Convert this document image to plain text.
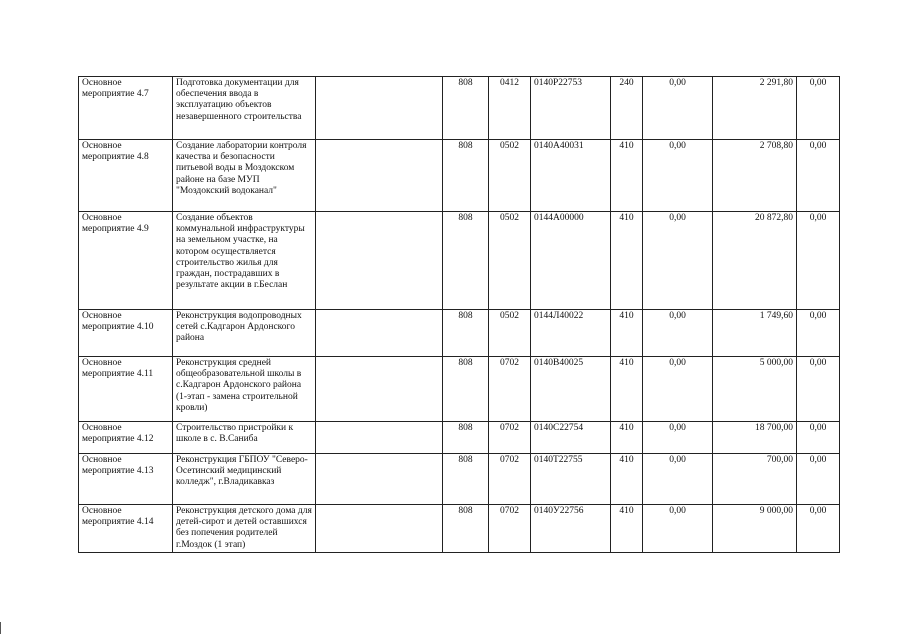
Основное мероприятие 4.7	Подготовка документации для обеспечения ввода в эксплуатацию объектов незавершенного строительства		808	0412	0140Р22753	240	0,00	2 291,80	0,00
Основное мероприятие 4.8	Создание лаборатории контроля качества и безопасности питьевой воды в Моздокском районе на базе МУП "Моздокский водоканал"		808	0502	0140А40031	410	0,00	2 708,80	0,00
Основное мероприятие 4.9	Создание объектов коммунальной инфраструктуры на земельном участке, на котором осуществляется строительство жилья для граждан, пострадавших в результате акции в г.Беслан		808	0502	0144А00000	410	0,00	20 872,80	0,00
Основное мероприятие 4.10	Реконструкция водопроводных сетей с.Кадгарон Ардонского района		808	0502	0144Л40022	410	0,00	1 749,60	0,00
Основное мероприятие 4.11	Реконструкция средней общеобразовательной школы в с.Кадгарон Ардонского района (1-этап - замена строительной кровли)		808	0702	0140В40025	410	0,00	5 000,00	0,00
Основное мероприятие 4.12	Строительство пристройки к школе в с. В.Саниба		808	0702	0140С22754	410	0,00	18 700,00	0,00
Основное мероприятие 4.13	Реконструкция ГБПОУ "Северо-Осетинский медицинский колледж", г.Владикавказ		808	0702	0140Т22755	410	0,00	700,00	0,00
Основное мероприятие 4.14	Реконструкция детского дома для детей-сирот и детей оставшихся без попечения родителей г.Моздок (1 этап)		808	0702	0140У22756	410	0,00	9 000,00	0,00
